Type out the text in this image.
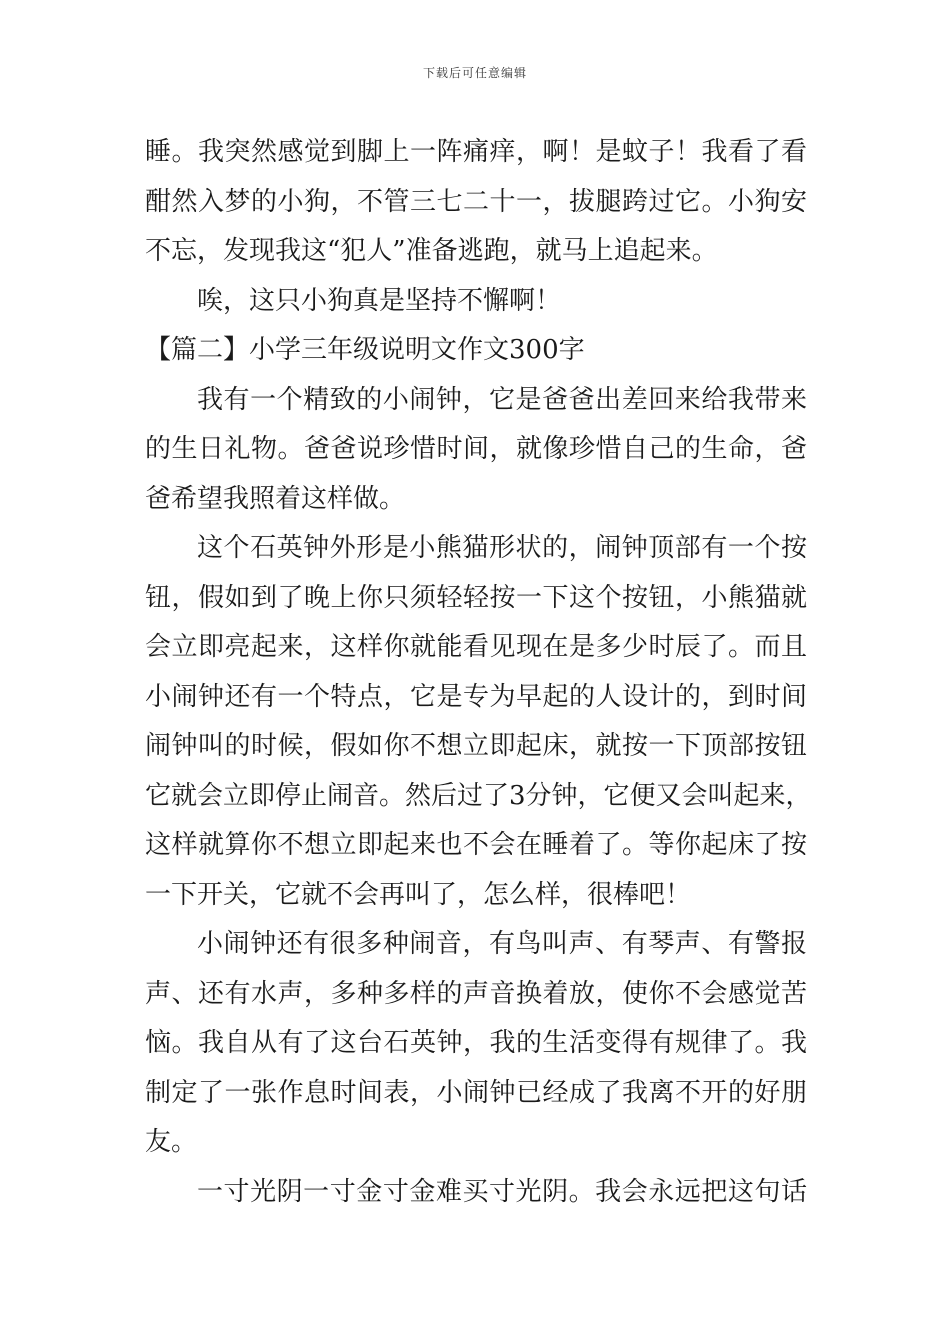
下载后可任意编辑
睡。我突然感觉到脚上一阵痛痒，啊！是蚊子！我看了看
酣然入梦的小狗，不管三七二十一，拔腿跨过它。小狗安
不忘，发现我这“犯人”准备逃跑，就马上追起来。
唉，这只小狗真是坚持不懈啊！
【篇二】小学三年级说明文作文300字
我有一个精致的小闹钟，它是爸爸出差回来给我带来
的生日礼物。爸爸说珍惜时间，就像珍惜自己的生命，爸
爸希望我照着这样做。
这个石英钟外形是小熊猫形状的，闹钟顶部有一个按
钮，假如到了晚上你只须轻轻按一下这个按钮，小熊猫就
会立即亮起来，这样你就能看见现在是多少时辰了。而且
小闹钟还有一个特点，它是专为早起的人设计的，到时间
闹钟叫的时候，假如你不想立即起床，就按一下顶部按钮
它就会立即停止闹音。然后过了3分钟，它便又会叫起来，
这样就算你不想立即起来也不会在睡着了。等你起床了按
一下开关，它就不会再叫了，怎么样，很棒吧！
小闹钟还有很多种闹音，有鸟叫声、有琴声、有警报
声、还有水声，多种多样的声音换着放，使你不会感觉苦
恼。我自从有了这台石英钟，我的生活变得有规律了。我
制定了一张作息时间表，小闹钟已经成了我离不开的好朋
友。
一寸光阴一寸金寸金难买寸光阴。我会永远把这句话
